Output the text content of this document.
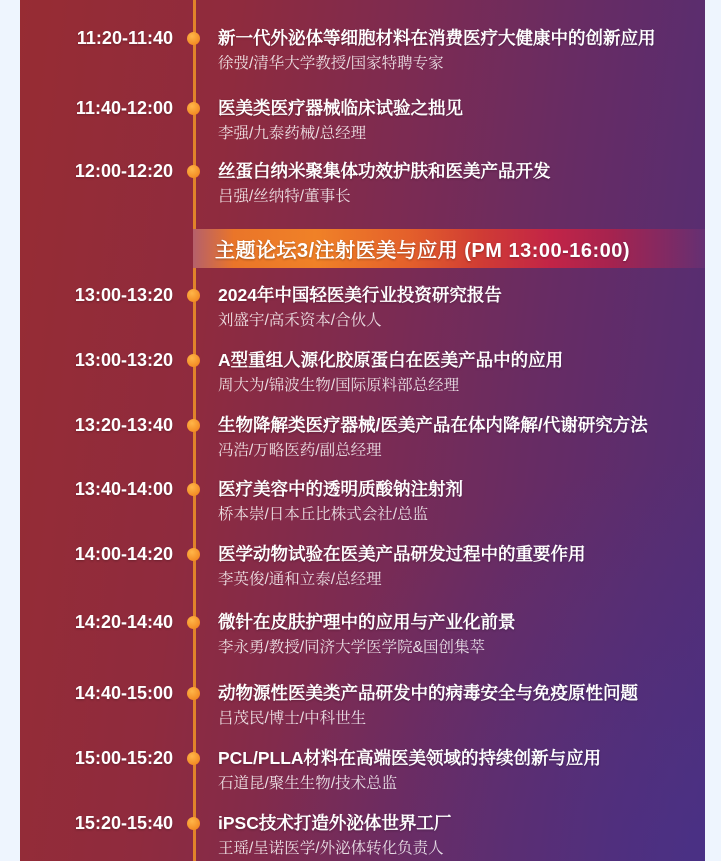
11:20-11:40	新一代外泌体等细胞材料在消费医疗大健康中的创新应用
徐弢/清华大学教授/国家特聘专家
11:40-12:00	医美类医疗器械临床试验之拙见
李强/九泰药械/总经理
12:00-12:20	丝蛋白纳米聚集体功效护肤和医美产品开发
吕强/丝纳特/董事长
主题论坛3/注射医美与应用 (PM 13:00-16:00)
13:00-13:20	2024年中国轻医美行业投资研究报告
刘盛宇/高禾资本/合伙人
13:00-13:20	A型重组人源化胶原蛋白在医美产品中的应用
周大为/锦波生物/国际原料部总经理
13:20-13:40	生物降解类医疗器械/医美产品在体内降解/代谢研究方法
冯浩/万略医药/副总经理
13:40-14:00	医疗美容中的透明质酸钠注射剂
桥本崇/日本丘比株式会社/总监
14:00-14:20	医学动物试验在医美产品研发过程中的重要作用
李英俊/通和立泰/总经理
14:20-14:40	微针在皮肤护理中的应用与产业化前景
李永勇/教授/同济大学医学院&国创集萃
14:40-15:00	动物源性医美类产品研发中的病毒安全与免疫原性问题
吕茂民/博士/中科世生
15:00-15:20	PCL/PLLA材料在高端医美领域的持续创新与应用
石道昆/聚生生物/技术总监
15:20-15:40	iPSC技术打造外泌体世界工厂
王瑶/呈诺医学/外泌体转化负责人
